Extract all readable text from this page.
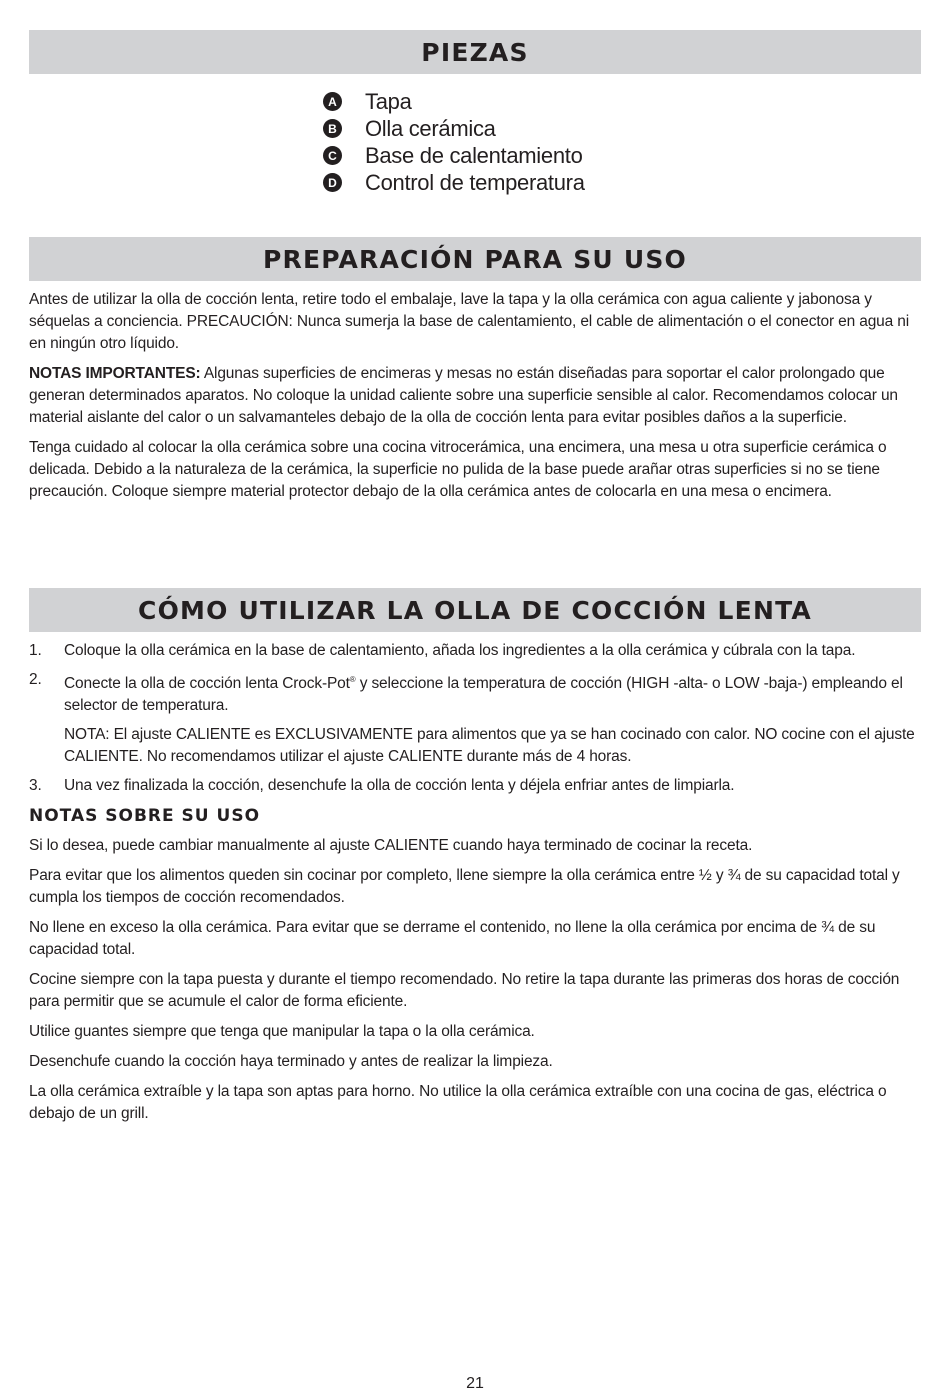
PIEZAS
A Tapa
B Olla cerámica
C Base de calentamiento
D Control de temperatura
PREPARACIÓN PARA SU USO

Antes de utilizar la olla de cocción lenta, retire todo el embalaje, lave la tapa y la olla cerámica con agua caliente y jabonosa y séquelas a conciencia. PRECAUCIÓN: Nunca sumerja la base de calentamiento, el cable de alimentación o el conector en agua ni en ningún otro líquido.

NOTAS IMPORTANTES: Algunas superficies de encimeras y mesas no están diseñadas para soportar el calor prolongado que generan determinados aparatos. No coloque la unidad caliente sobre una superficie sensible al calor. Recomendamos colocar un material aislante del calor o un salvamanteles debajo de la olla de cocción lenta para evitar posibles daños a la superficie.

Tenga cuidado al colocar la olla cerámica sobre una cocina vitrocerámica, una encimera, una mesa u otra superficie cerámica o delicada. Debido a la naturaleza de la cerámica, la superficie no pulida de la base puede arañar otras superficies si no se tiene precaución. Coloque siempre material protector debajo de la olla cerámica antes de colocarla en una mesa o encimera.

CÓMO UTILIZAR LA OLLA DE COCCIÓN LENTA
1. Coloque la olla cerámica en la base de calentamiento, añada los ingredientes a la olla cerámica y cúbrala con la tapa.
2. Conecte la olla de cocción lenta Crock-Pot® y seleccione la temperatura de cocción (HIGH -alta- o LOW -baja-) empleando el selector de temperatura.

NOTA: El ajuste CALIENTE es EXCLUSIVAMENTE para alimentos que ya se han cocinado con calor. NO cocine con el ajuste CALIENTE. No recomendamos utilizar el ajuste CALIENTE durante más de 4 horas.

3. Una vez finalizada la cocción, desenchufe la olla de cocción lenta y déjela enfriar antes de limpiarla.
NOTAS SOBRE SU USO

Si lo desea, puede cambiar manualmente al ajuste CALIENTE cuando haya terminado de cocinar la receta.

Para evitar que los alimentos queden sin cocinar por completo, llene siempre la olla cerámica entre ½ y ¾ de su capacidad total y cumpla los tiempos de cocción recomendados.

No llene en exceso la olla cerámica. Para evitar que se derrame el contenido, no llene la olla cerámica por encima de ¾ de su capacidad total.

Cocine siempre con la tapa puesta y durante el tiempo recomendado. No retire la tapa durante las primeras dos horas de cocción para permitir que se acumule el calor de forma eficiente.

Utilice guantes siempre que tenga que manipular la tapa o la olla cerámica.

Desenchufe cuando la cocción haya terminado y antes de realizar la limpieza.

La olla cerámica extraíble y la tapa son aptas para horno. No utilice la olla cerámica extraíble con una cocina de gas, eléctrica o debajo de un grill.

21
